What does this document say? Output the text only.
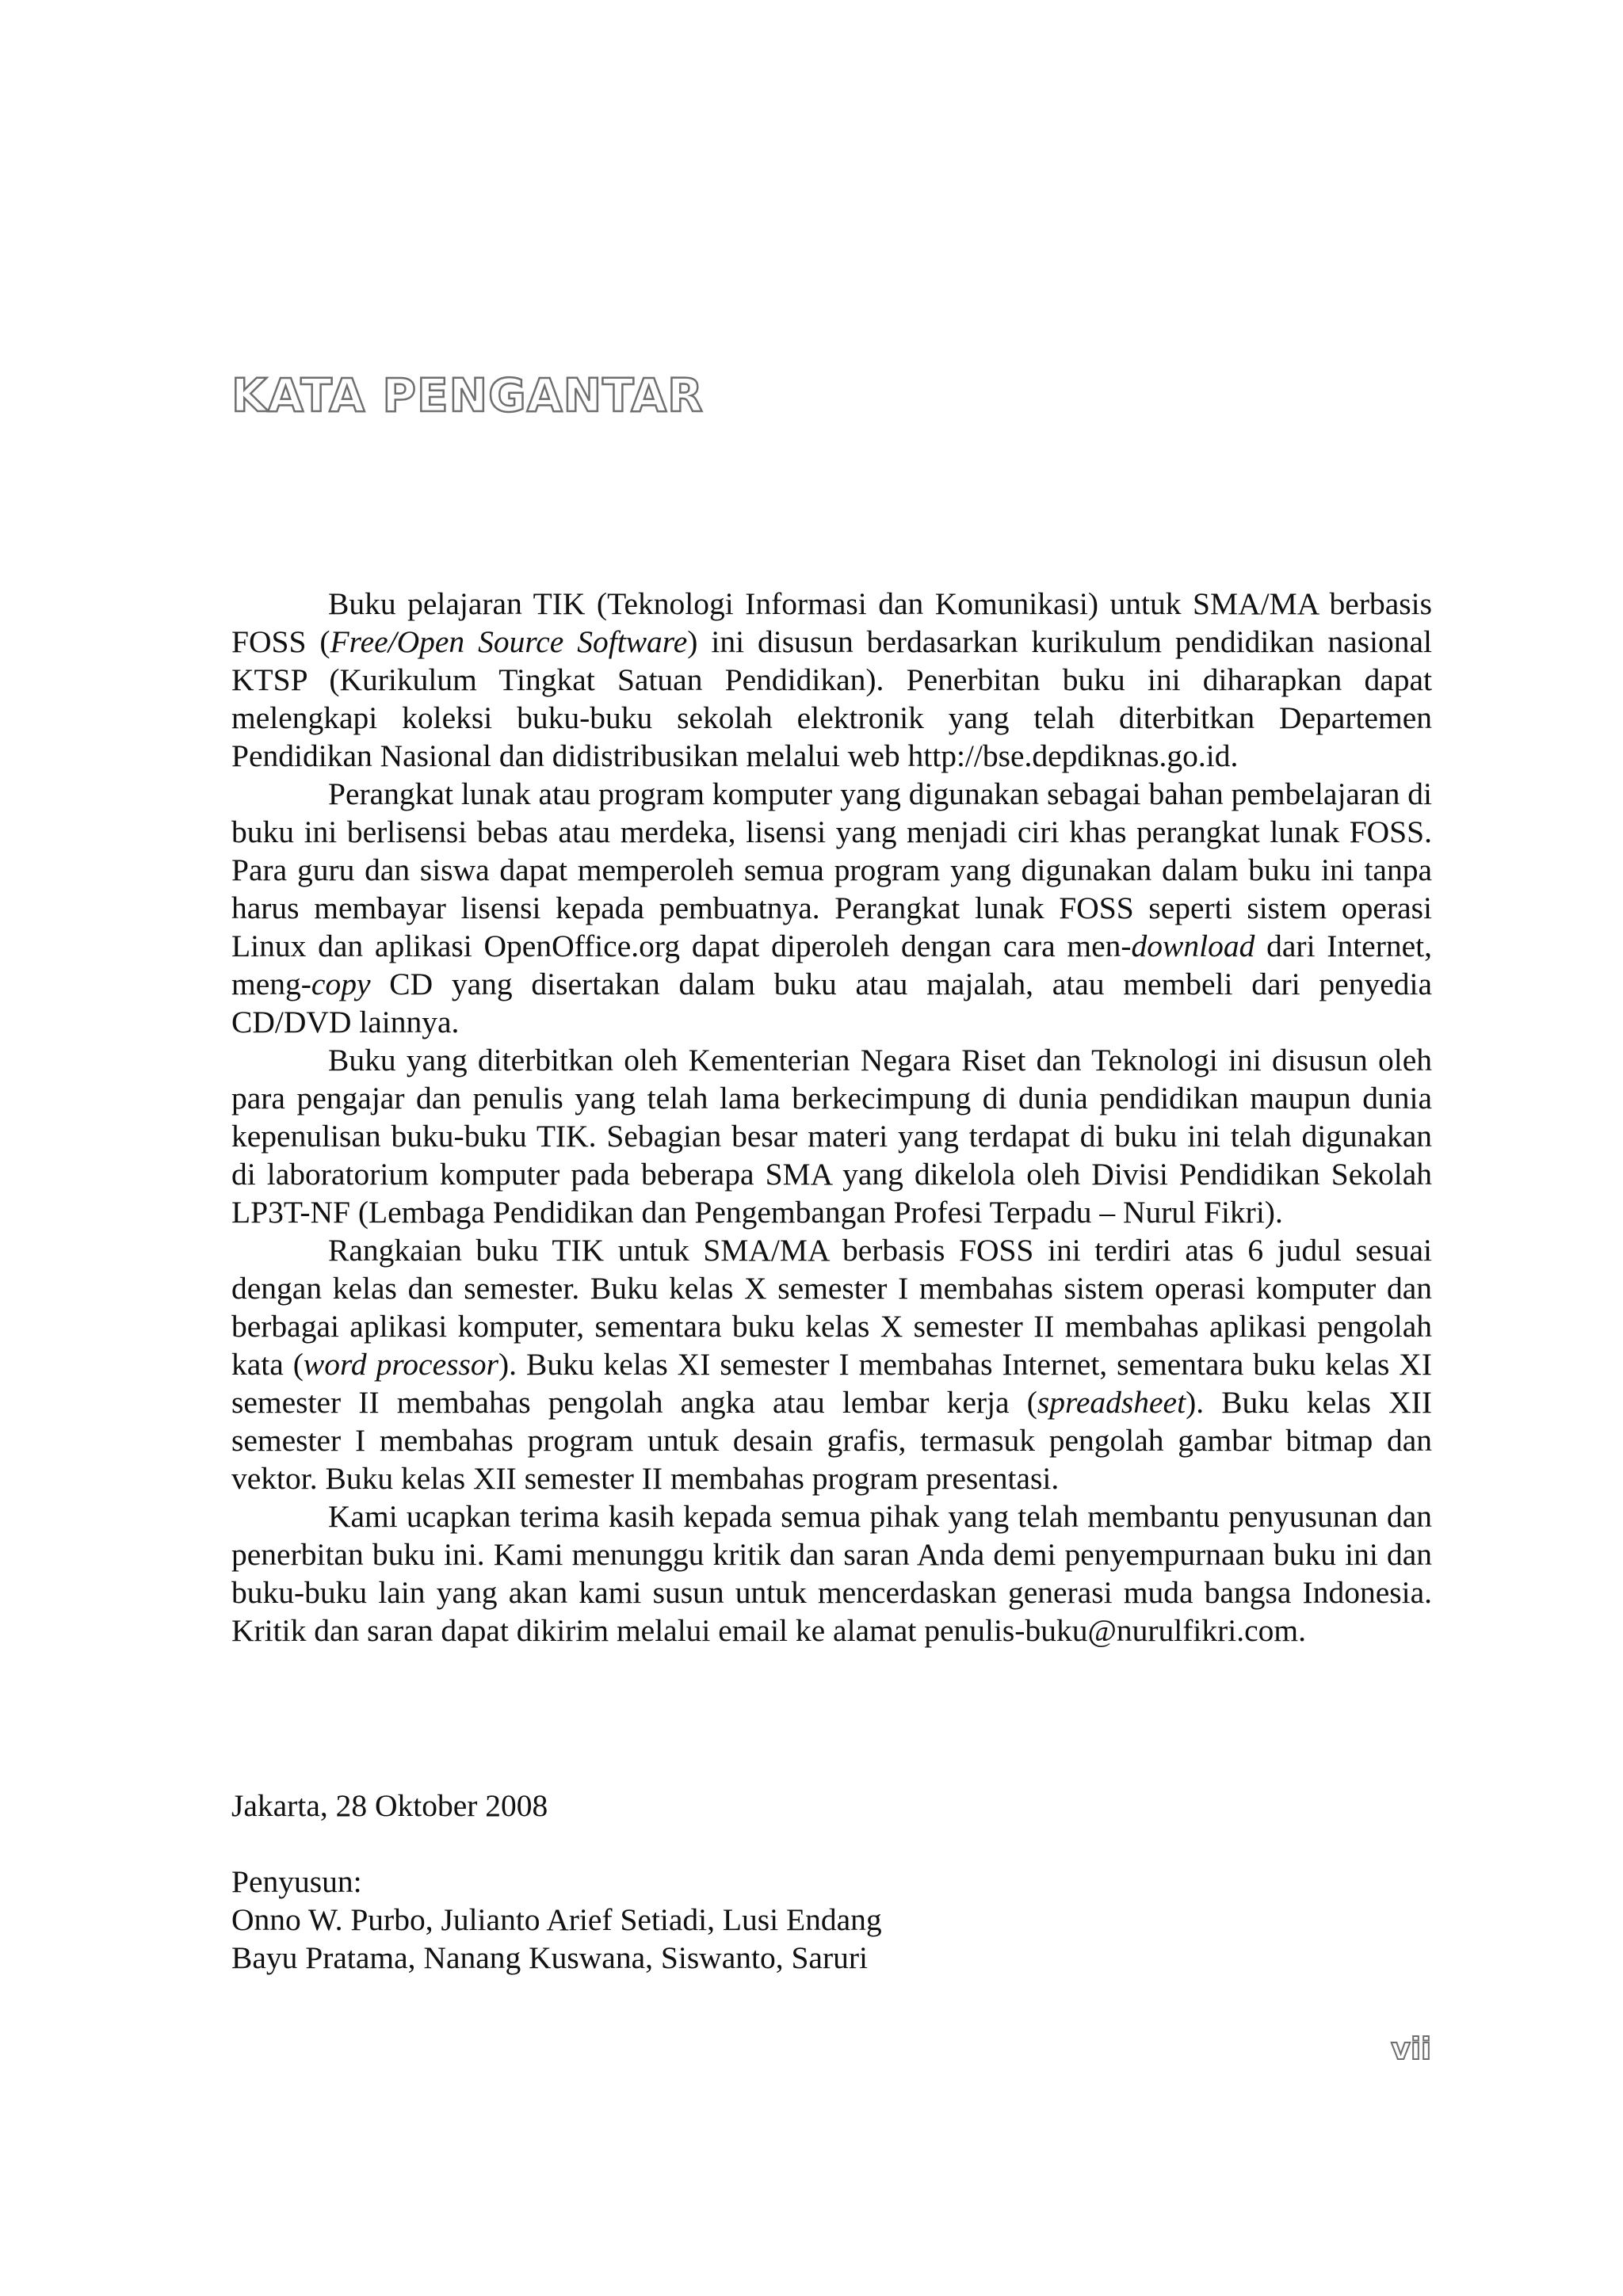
KATA PENGANTAR

Buku pelajaran TIK (Teknologi Informasi dan Komunikasi) untuk SMA/MA berbasis FOSS (Free/Open Source Software) ini disusun berdasarkan kurikulum pendidikan nasional KTSP (Kurikulum Tingkat Satuan Pendidikan). Penerbitan buku ini diharapkan dapat melengkapi koleksi buku-buku sekolah elektronik yang telah diterbitkan Departemen Pendidikan Nasional dan didistribusikan melalui web http://bse.depdiknas.go.id.

Perangkat lunak atau program komputer yang digunakan sebagai bahan pembelajaran di buku ini berlisensi bebas atau merdeka, lisensi yang menjadi ciri khas perangkat lunak FOSS. Para guru dan siswa dapat memperoleh semua program yang digunakan dalam buku ini tanpa harus membayar lisensi kepada pembuatnya. Perangkat lunak FOSS seperti sistem operasi Linux dan aplikasi OpenOffice.org dapat diperoleh dengan cara men-download dari Internet, meng-copy CD yang disertakan dalam buku atau majalah, atau membeli dari penyedia CD/DVD lainnya.

Buku yang diterbitkan oleh Kementerian Negara Riset dan Teknologi ini disusun oleh para pengajar dan penulis yang telah lama berkecimpung di dunia pendidikan maupun dunia kepenulisan buku-buku TIK. Sebagian besar materi yang terdapat di buku ini telah digunakan di laboratorium komputer pada beberapa SMA yang dikelola oleh Divisi Pendidikan Sekolah LP3T-NF (Lembaga Pendidikan dan Pengembangan Profesi Terpadu – Nurul Fikri).

Rangkaian buku TIK untuk SMA/MA berbasis FOSS ini terdiri atas 6 judul sesuai dengan kelas dan semester. Buku kelas X semester I membahas sistem operasi komputer dan berbagai aplikasi komputer, sementara buku kelas X semester II membahas aplikasi pengolah kata (word processor). Buku kelas XI semester I membahas Internet, sementara buku kelas XI semester II membahas pengolah angka atau lembar kerja (spreadsheet). Buku kelas XII semester I membahas program untuk desain grafis, termasuk pengolah gambar bitmap dan vektor. Buku kelas XII semester II membahas program presentasi.

Kami ucapkan terima kasih kepada semua pihak yang telah membantu penyusunan dan penerbitan buku ini. Kami menunggu kritik dan saran Anda demi penyempurnaan buku ini dan buku-buku lain yang akan kami susun untuk mencerdaskan generasi muda bangsa Indonesia. Kritik dan saran dapat dikirim melalui email ke alamat penulis-buku@nurulfikri.com.

Jakarta, 28 Oktober 2008

Penyusun:

Onno W. Purbo, Julianto Arief Setiadi, Lusi Endang

Bayu Pratama, Nanang Kuswana, Siswanto, Saruri

vii
